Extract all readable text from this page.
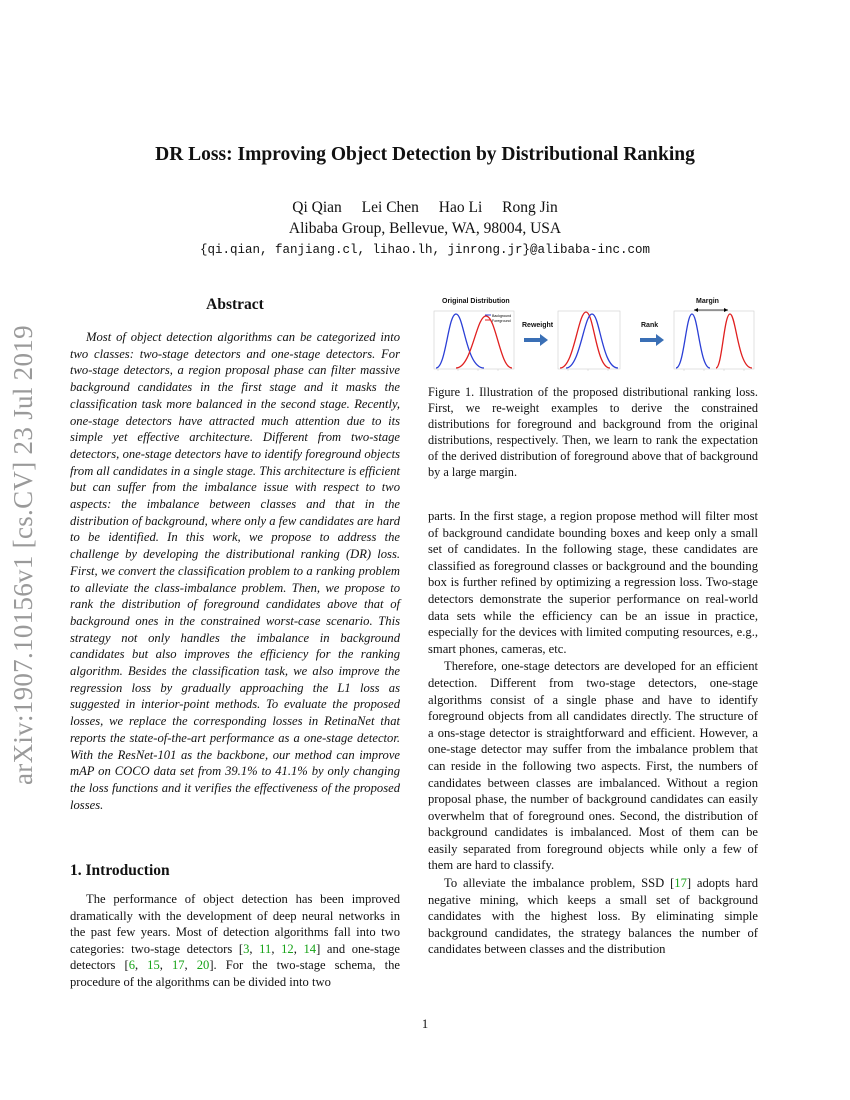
arXiv:1907.10156v1 [cs.CV] 23 Jul 2019
DR Loss: Improving Object Detection by Distributional Ranking
Qi Qian Lei Chen Hao Li Rong Jin
Alibaba Group, Bellevue, WA, 98004, USA
{qi.qian, fanjiang.cl, lihao.lh, jinrong.jr}@alibaba-inc.com
Abstract

Most of object detection algorithms can be categorized into two classes: two-stage detectors and one-stage detectors. For two-stage detectors, a region proposal phase can filter massive background candidates in the first stage and it masks the classification task more balanced in the second stage. Recently, one-stage detectors have attracted much attention due to its simple yet effective architecture. Different from two-stage detectors, one-stage detectors have to identify foreground objects from all candidates in a single stage. This architecture is efficient but can suffer from the imbalance issue with respect to two aspects: the imbalance between classes and that in the distribution of background, where only a few candidates are hard to be identified. In this work, we propose to address the challenge by developing the distributional ranking (DR) loss. First, we convert the classification problem to a ranking problem to alleviate the class-imbalance problem. Then, we propose to rank the distribution of foreground candidates above that of background ones in the constrained worst-case scenario. This strategy not only handles the imbalance in background candidates but also improves the efficiency for the ranking algorithm. Besides the classification task, we also improve the regression loss by gradually approaching the L1 loss as suggested in interior-point methods. To evaluate the proposed losses, we replace the corresponding losses in RetinaNet that reports the state-of-the-art performance as a one-stage detector. With the ResNet-101 as the backbone, our method can improve mAP on COCO data set from 39.1% to 41.1% by only changing the loss functions and it verifies the effectiveness of the proposed losses.

1. Introduction

The performance of object detection has been improved dramatically with the development of deep neural networks in the past few years. Most of detection algorithms fall into two categories: two-stage detectors [3, 11, 12, 14] and one-stage detectors [6, 15, 17, 20]. For the two-stage schema, the procedure of the algorithms can be divided into two

Background
Foreground
Original Distribution	Margin
Reweight	Rank

Figure 1. Illustration of the proposed distributional ranking loss. First, we re-weight examples to derive the constrained distributions for foreground and background from the original distributions, respectively. Then, we learn to rank the expectation of the derived distribution of foreground above that of background by a large margin.

parts. In the first stage, a region propose method will filter most of background candidate bounding boxes and keep only a small set of candidates. In the following stage, these candidates are classified as foreground classes or background and the bounding box is further refined by optimizing a regression loss. Two-stage detectors demonstrate the superior performance on real-world data sets while the efficiency can be an issue in practice, especially for the devices with limited computing resources, e.g., smart phones, cameras, etc.

Therefore, one-stage detectors are developed for an efficient detection. Different from two-stage detectors, one-stage algorithms consist of a single phase and have to identify foreground objects from all candidates directly. The structure of a ons-stage detector is straightforward and efficient. However, a one-stage detector may suffer from the imbalance problem that can reside in the following two aspects. First, the numbers of candidates between classes are imbalanced. Without a region proposal phase, the number of background candidates can easily overwhelm that of foreground ones. Second, the distribution of background candidates is imbalanced. Most of them can be easily separated from foreground objects while only a few of them are hard to classify.

To alleviate the imbalance problem, SSD [17] adopts hard negative mining, which keeps a small set of background candidates with the highest loss. By eliminating simple background candidates, the strategy balances the number of candidates between classes and the distribution

1
